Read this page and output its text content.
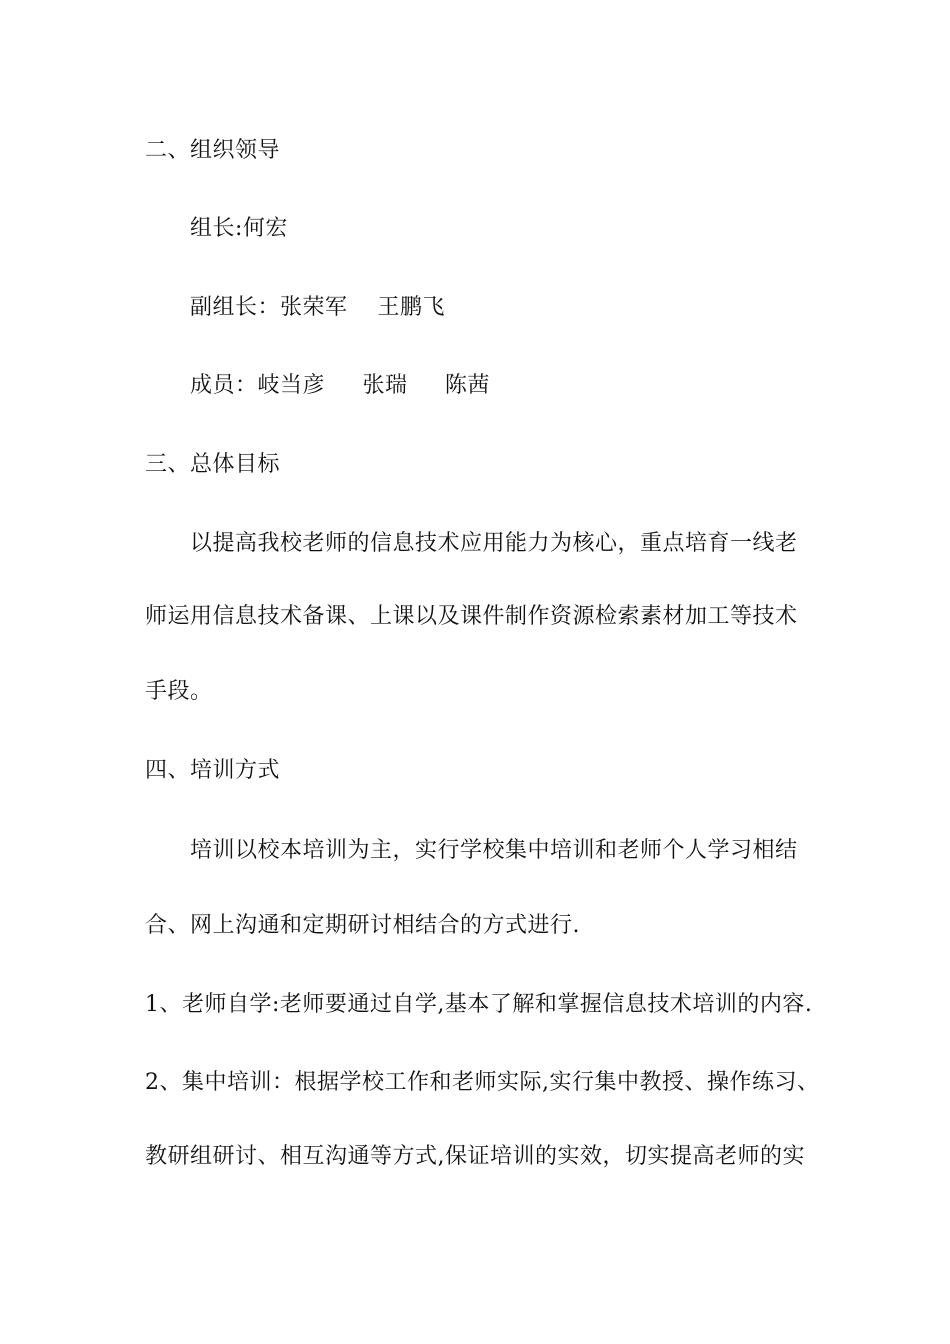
二、组织领导
组长:何宏
副组长：张荣军    王鹏飞
成员：岐当彦     张瑞     陈茜
三、总体目标
以提高我校老师的信息技术应用能力为核心，重点培育一线老
师运用信息技术备课、上课以及课件制作资源检索素材加工等技术
手段。
四、培训方式
培训以校本培训为主，实行学校集中培训和老师个人学习相结
合、网上沟通和定期研讨相结合的方式进行.
1、老师自学:老师要通过自学,基本了解和掌握信息技术培训的内容.
2、集中培训：根据学校工作和老师实际,实行集中教授、操作练习、
教研组研讨、相互沟通等方式,保证培训的实效，切实提高老师的实
